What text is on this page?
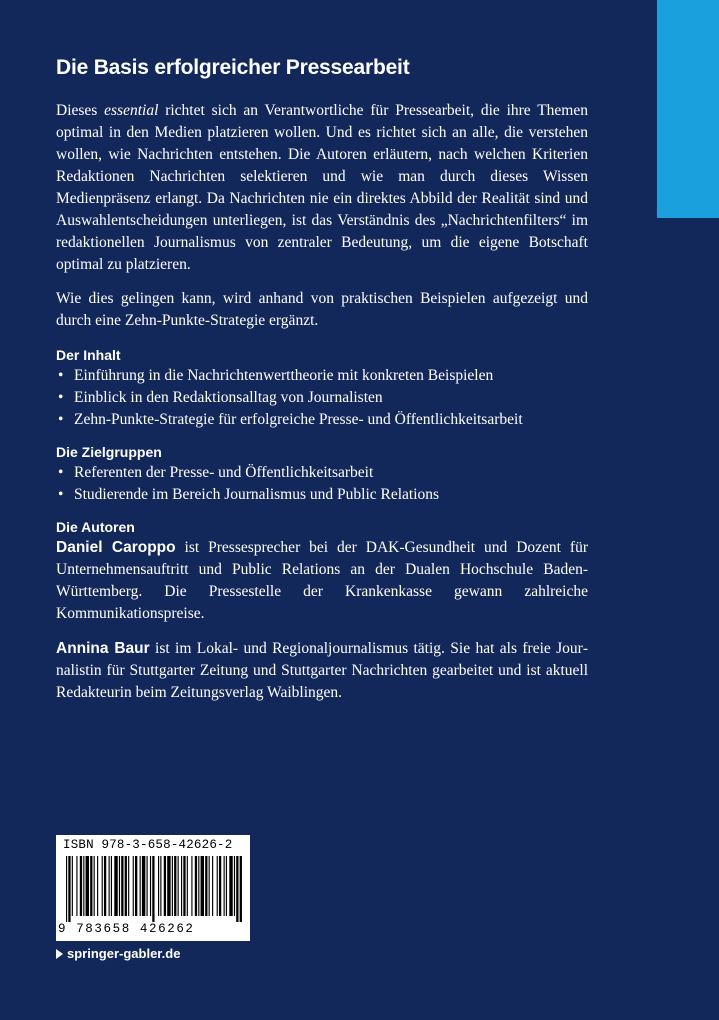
Die Basis erfolgreicher Pressearbeit

Dieses essential richtet sich an Verantwortliche für Pressearbeit, die ihre Themen optimal in den Medien platzieren wollen. Und es richtet sich an alle, die verstehen wollen, wie Nachrichten entstehen. Die Autoren erläutern, nach welchen Kriterien Redaktionen Nachrichten selektieren und wie man durch dieses Wissen Medienpräsenz erlangt. Da Nachrichten nie ein direktes Abbild der Realität sind und Auswahlentscheidungen unterliegen, ist das Verständnis des „Nachrichtenfilters“ im redaktionellen Journalismus von zentraler Bedeutung, um die eigene Botschaft optimal zu platzieren.

Wie dies gelingen kann, wird anhand von praktischen Beispielen aufgezeigt und durch eine Zehn-Punkte-Strategie ergänzt.

Der Inhalt
• Einführung in die Nachrichtenwerttheorie mit konkreten Beispielen
• Einblick in den Redaktionsalltag von Journalisten
• Zehn-Punkte-Strategie für erfolgreiche Presse- und Öffentlichkeitsarbeit
Die Zielgruppen
• Referenten der Presse- und Öffentlichkeitsarbeit
• Studierende im Bereich Journalismus und Public Relations
Die Autoren

Daniel Caroppo ist Pressesprecher bei der DAK-Gesundheit und Dozent für Unternehmensauftritt und Public Relations an der Dualen Hochschule Baden-Württemberg. Die Pressestelle der Krankenkasse gewann zahlreiche Kommunikationspreise.

Annina Baur ist im Lokal- und Regionaljournalismus tätig. Sie hat als freie Journalistin für Stuttgarter Zeitung und Stuttgarter Nachrichten gearbeitet und ist aktuell Redakteurin beim Zeitungsverlag Waiblingen.

ISBN 978-3-658-42626-2
9 783658 426262
springer-gabler.de
